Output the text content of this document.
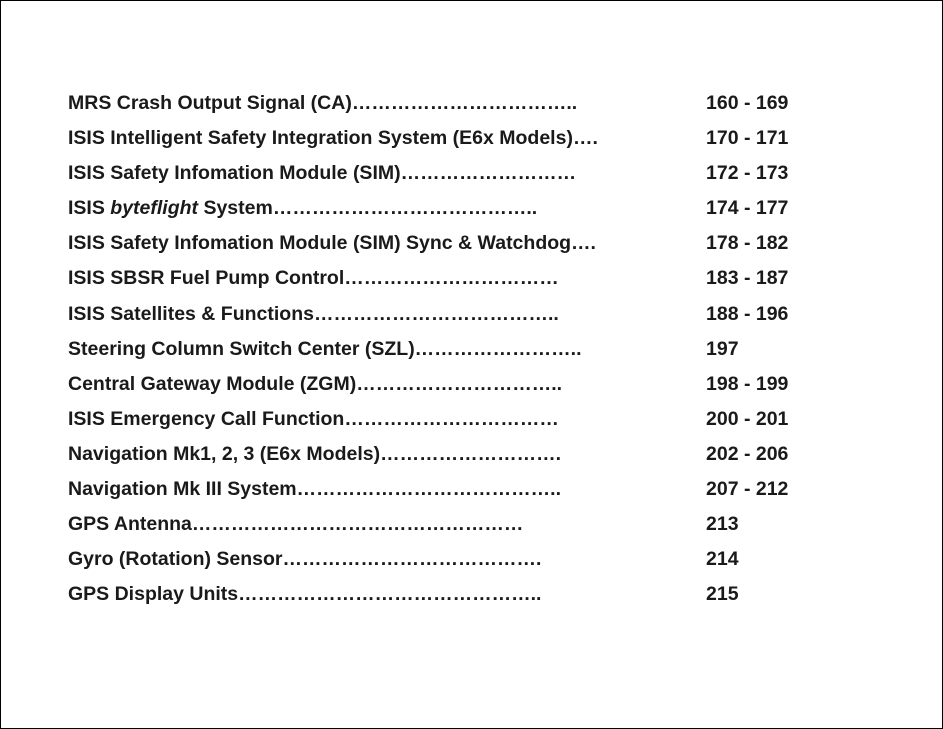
MRS Crash Output Signal (CA)……………………………..	160 - 169
ISIS Intelligent Safety Integration System (E6x Models)….	170 - 171
ISIS Safety Infomation Module (SIM)………………………	172 - 173
ISIS byteflight System…………………………………..	174 - 177
ISIS Safety Infomation Module (SIM) Sync & Watchdog….	178 - 182
ISIS SBSR Fuel Pump Control……………………………	183 - 187
ISIS Satellites & Functions………………………………..	188 - 196
Steering Column Switch Center (SZL)……………………..	197
Central Gateway Module (ZGM)…………………………..	198 - 199
ISIS Emergency Call Function……………………………	200 - 201
Navigation Mk1, 2, 3 (E6x Models)……………………….	202 - 206
Navigation Mk III System…………………………………..	207 - 212
GPS Antenna……………………………………………	213
Gyro (Rotation) Sensor………………………………….	214
GPS Display Units………………………………………..	215
